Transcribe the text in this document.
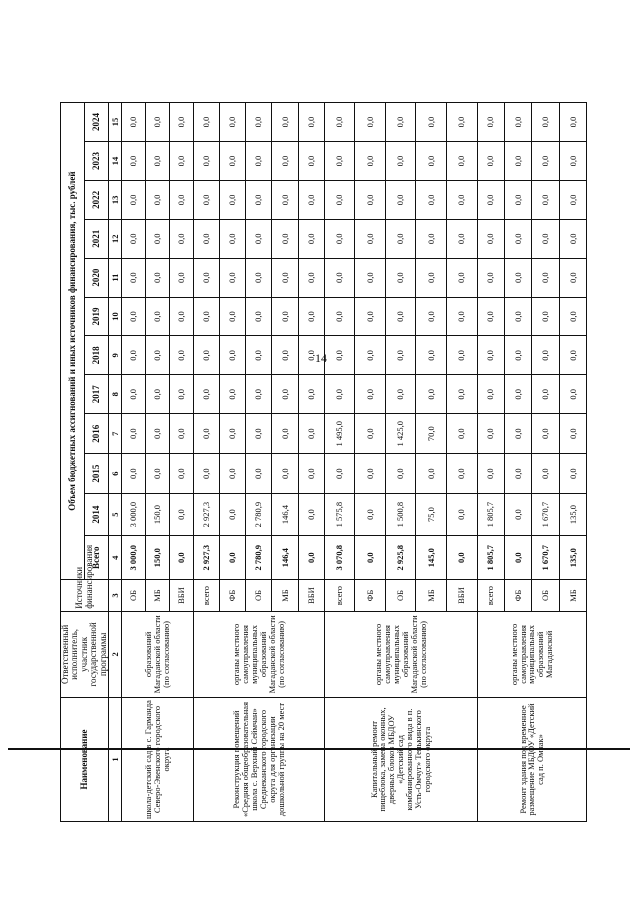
14
Наименование	Ответственный исполнитель, участник государственной программы	Источники финансирования	Объем бюджетных ассигнований и иных источников финансирования, тыс. рублей											
			Всего	2014	2015	2016	2017	2018	2019	2020	2021	2022	2023	2024
1	2	3	4	5	6	7	8	9	10	11	12	13	14	15
школа-детский сад в с. Гарманда Северо-Эвенского городского округа	образований Магаданской области (по согласованию)	ОБ	3 000,0	3 000,0	0,0	0,0	0,0	0,0	0,0	0,0	0,0	0,0	0,0	0,0
		МБ	150,0	150,0	0,0	0,0	0,0	0,0	0,0	0,0	0,0	0,0	0,0	0,0
		ВБИ	0,0	0,0	0,0	0,0	0,0	0,0	0,0	0,0	0,0	0,0	0,0	0,0
Реконструкция помещений «Средняя общеобразовательная школа с. Верхний Сеймчан» Среднеканского городского округа для организации дошкольной группы на 20 мест	органы местного самоуправления муниципальных образований Магаданской области (по согласованию)	всего	2 927,3	2 927,3	0,0	0,0	0,0	0,0	0,0	0,0	0,0	0,0	0,0	0,0
		ФБ	0,0	0,0	0,0	0,0	0,0	0,0	0,0	0,0	0,0	0,0	0,0	0,0
		ОБ	2 780,9	2 780,9	0,0	0,0	0,0	0,0	0,0	0,0	0,0	0,0	0,0	0,0
		МБ	146,4	146,4	0,0	0,0	0,0	0,0	0,0	0,0	0,0	0,0	0,0	0,0
		ВБИ	0,0	0,0	0,0	0,0	0,0	0,0	0,0	0,0	0,0	0,0	0,0	0,0
Капитальный ремонт пищеблока, замена оконных, дверных блоков МБДОУ «Детский сад комбинированного вида в п. Усть-Омчуг» Тенькинского городского округа	органы местного самоуправления муниципальных образований Магаданской области (по согласованию)	всего	3 070,8	1 575,8	0,0	1 495,0	0,0	0,0	0,0	0,0	0,0	0,0	0,0	0,0
		ФБ	0,0	0,0	0,0	0,0	0,0	0,0	0,0	0,0	0,0	0,0	0,0	0,0
		ОБ	2 925,8	1 500,8	0,0	1 425,0	0,0	0,0	0,0	0,0	0,0	0,0	0,0	0,0
		МБ	145,0	75,0	0,0	70,0	0,0	0,0	0,0	0,0	0,0	0,0	0,0	0,0
		ВБИ	0,0	0,0	0,0	0,0	0,0	0,0	0,0	0,0	0,0	0,0	0,0	0,0
Ремонт здания под временное размещение МБДОУ «Детский сад п. Омчак»	органы местного самоуправления муниципальных образований Магаданской	всего	1 805,7	1 805,7	0,0	0,0	0,0	0,0	0,0	0,0	0,0	0,0	0,0	0,0
		ФБ	0,0	0,0	0,0	0,0	0,0	0,0	0,0	0,0	0,0	0,0	0,0	0,0
		ОБ	1 670,7	1 670,7	0,0	0,0	0,0	0,0	0,0	0,0	0,0	0,0	0,0	0,0
		МБ	135,0	135,0	0,0	0,0	0,0	0,0	0,0	0,0	0,0	0,0	0,0	0,0
